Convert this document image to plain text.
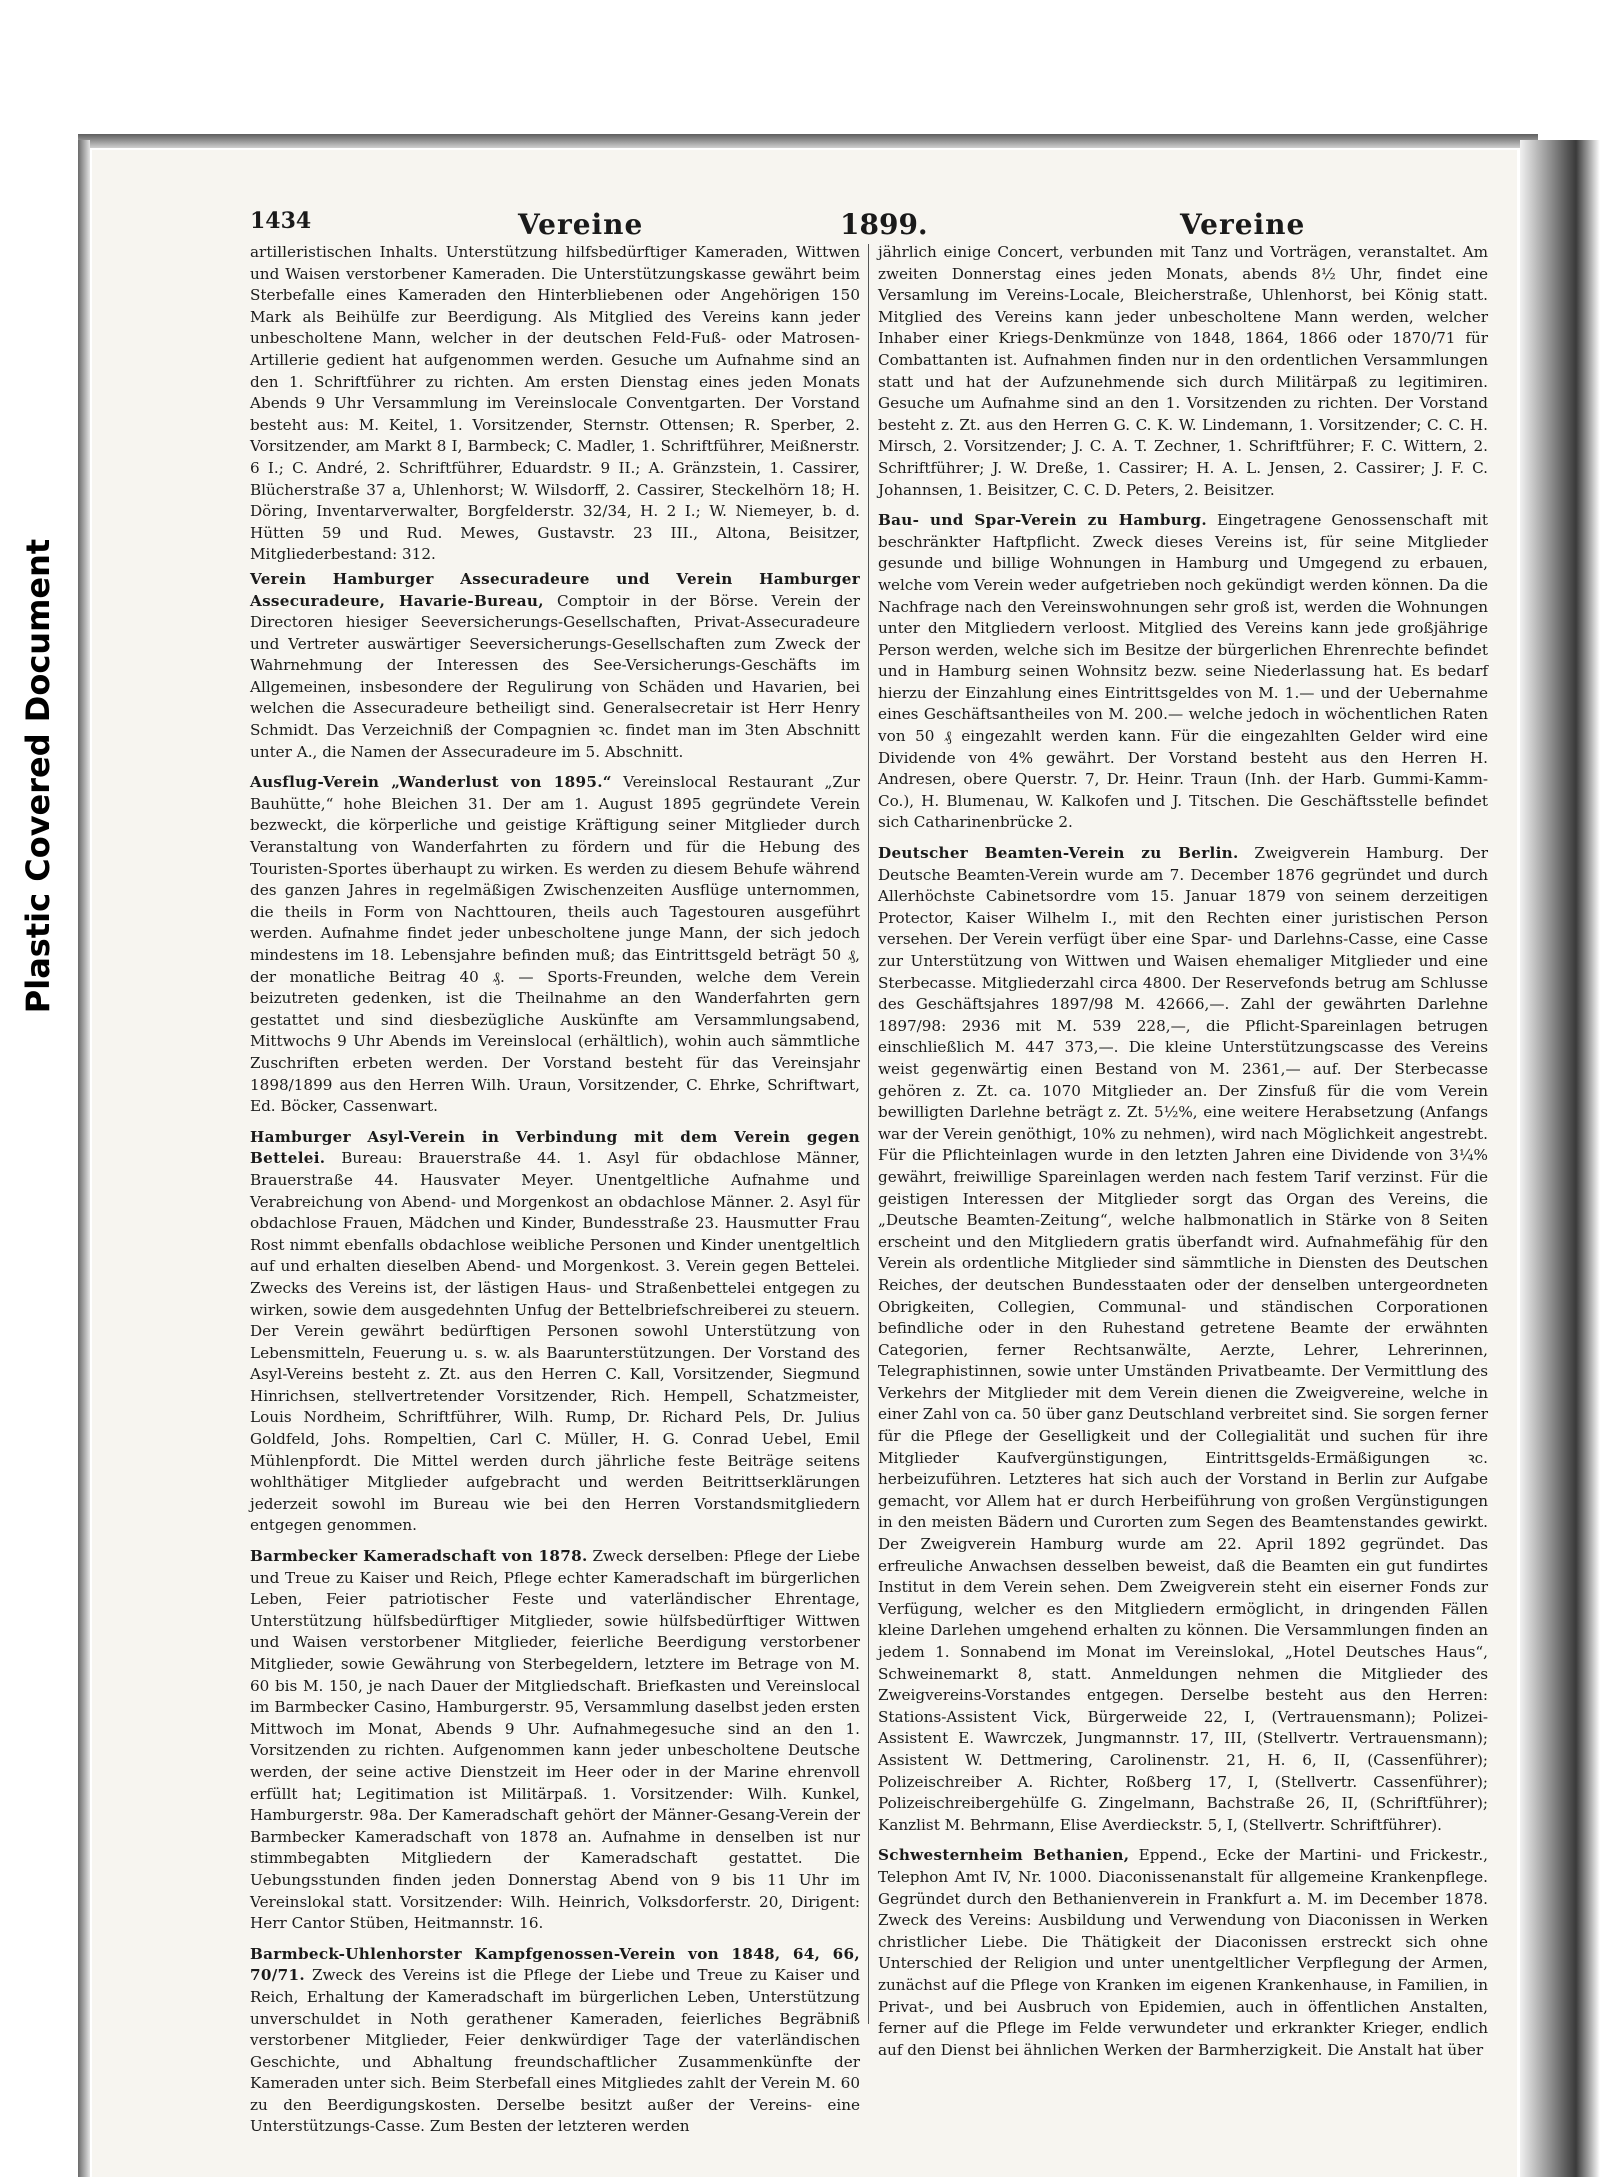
Plastic Covered Document
1434	Vereine	1899.	Vereine

artilleristischen Inhalts. Unterstützung hilfsbedürftiger Kameraden, Wittwen und Waisen verstorbener Kameraden. Die Unterstützungskasse gewährt beim Sterbefalle eines Kameraden den Hinterbliebenen oder Angehörigen 150 Mark als Beihülfe zur Beerdigung. Als Mitglied des Vereins kann jeder unbescholtene Mann, welcher in der deutschen Feld-Fuß- oder Matrosen-Artillerie gedient hat aufgenommen werden. Gesuche um Aufnahme sind an den 1. Schriftführer zu richten. Am ersten Dienstag eines jeden Monats Abends 9 Uhr Versammlung im Vereinslocale Conventgarten. Der Vorstand besteht aus: M. Keitel, 1. Vorsitzender, Sternstr. Ottensen; R. Sperber, 2. Vorsitzender, am Markt 8 I, Barmbeck; C. Madler, 1. Schriftführer, Meißnerstr. 6 I.; C. André, 2. Schriftführer, Eduardstr. 9 II.; A. Gränzstein, 1. Cassirer, Blücherstraße 37 a, Uhlenhorst; W. Wilsdorff, 2. Cassirer, Steckelhörn 18; H. Döring, Inventarverwalter, Borgfelderstr. 32/34, H. 2 I.; W. Niemeyer, b. d. Hütten 59 und Rud. Mewes, Gustavstr. 23 III., Altona, Beisitzer, Mitgliederbestand: 312.

Verein Hamburger Assecuradeure und Verein Hamburger Assecuradeure, Havarie-Bureau, Comptoir in der Börse. Verein der Directoren hiesiger Seeversicherungs-Gesellschaften, Privat-Assecuradeure und Vertreter auswärtiger Seeversicherungs-Gesellschaften zum Zweck der Wahrnehmung der Interessen des See-Versicherungs-Geschäfts im Allgemeinen, insbesondere der Regulirung von Schäden und Havarien, bei welchen die Assecuradeure betheiligt sind. Generalsecretair ist Herr Henry Schmidt. Das Verzeichniß der Compagnien ꝛc. findet man im 3ten Abschnitt unter A., die Namen der Assecuradeure im 5. Abschnitt.

Ausflug-Verein „Wanderlust von 1895.“ Vereinslocal Restaurant „Zur Bauhütte,“ hohe Bleichen 31. Der am 1. August 1895 gegründete Verein bezweckt, die körperliche und geistige Kräftigung seiner Mitglieder durch Veranstaltung von Wanderfahrten zu fördern und für die Hebung des Touristen-Sportes überhaupt zu wirken. Es werden zu diesem Behufe während des ganzen Jahres in regelmäßigen Zwischenzeiten Ausflüge unternommen, die theils in Form von Nachttouren, theils auch Tagestouren ausgeführt werden. Aufnahme findet jeder unbescholtene junge Mann, der sich jedoch mindestens im 18. Lebensjahre befinden muß; das Eintrittsgeld beträgt 50 ₰, der monatliche Beitrag 40 ₰. — Sports-Freunden, welche dem Verein beizutreten gedenken, ist die Theilnahme an den Wanderfahrten gern gestattet und sind diesbezügliche Auskünfte am Versammlungsabend, Mittwochs 9 Uhr Abends im Vereinslocal (erhältlich), wohin auch sämmtliche Zuschriften erbeten werden. Der Vorstand besteht für das Vereinsjahr 1898/1899 aus den Herren Wilh. Uraun, Vorsitzender, C. Ehrke, Schriftwart, Ed. Böcker, Cassenwart.

Hamburger Asyl-Verein in Verbindung mit dem Verein gegen Bettelei. Bureau: Brauerstraße 44. 1. Asyl für obdachlose Männer, Brauerstraße 44. Hausvater Meyer. Unentgeltliche Aufnahme und Verabreichung von Abend- und Morgenkost an obdachlose Männer. 2. Asyl für obdachlose Frauen, Mädchen und Kinder, Bundesstraße 23. Hausmutter Frau Rost nimmt ebenfalls obdachlose weibliche Personen und Kinder unentgeltlich auf und erhalten dieselben Abend- und Morgenkost. 3. Verein gegen Bettelei. Zwecks des Vereins ist, der lästigen Haus- und Straßenbettelei entgegen zu wirken, sowie dem ausgedehnten Unfug der Bettelbriefschreiberei zu steuern. Der Verein gewährt bedürftigen Personen sowohl Unterstützung von Lebensmitteln, Feuerung u. s. w. als Baarunterstützungen. Der Vorstand des Asyl-Vereins besteht z. Zt. aus den Herren C. Kall, Vorsitzender, Siegmund Hinrichsen, stellvertretender Vorsitzender, Rich. Hempell, Schatzmeister, Louis Nordheim, Schriftführer, Wilh. Rump, Dr. Richard Pels, Dr. Julius Goldfeld, Johs. Rompeltien, Carl C. Müller, H. G. Conrad Uebel, Emil Mühlenpfordt. Die Mittel werden durch jährliche feste Beiträge seitens wohlthätiger Mitglieder aufgebracht und werden Beitrittserklärungen jederzeit sowohl im Bureau wie bei den Herren Vorstandsmitgliedern entgegen genommen.

Barmbecker Kameradschaft von 1878. Zweck derselben: Pflege der Liebe und Treue zu Kaiser und Reich, Pflege echter Kameradschaft im bürgerlichen Leben, Feier patriotischer Feste und vaterländischer Ehrentage, Unterstützung hülfsbedürftiger Mitglieder, sowie hülfsbedürftiger Wittwen und Waisen verstorbener Mitglieder, feierliche Beerdigung verstorbener Mitglieder, sowie Gewährung von Sterbegeldern, letztere im Betrage von M. 60 bis M. 150, je nach Dauer der Mitgliedschaft. Briefkasten und Vereinslocal im Barmbecker Casino, Hamburgerstr. 95, Versammlung daselbst jeden ersten Mittwoch im Monat, Abends 9 Uhr. Aufnahmegesuche sind an den 1. Vorsitzenden zu richten. Aufgenommen kann jeder unbescholtene Deutsche werden, der seine active Dienstzeit im Heer oder in der Marine ehrenvoll erfüllt hat; Legitimation ist Militärpaß. 1. Vorsitzender: Wilh. Kunkel, Hamburgerstr. 98a. Der Kameradschaft gehört der Männer-Gesang-Verein der Barmbecker Kameradschaft von 1878 an. Aufnahme in denselben ist nur stimmbegabten Mitgliedern der Kameradschaft gestattet. Die Uebungsstunden finden jeden Donnerstag Abend von 9 bis 11 Uhr im Vereinslokal statt. Vorsitzender: Wilh. Heinrich, Volksdorferstr. 20, Dirigent: Herr Cantor Stüben, Heitmannstr. 16.

Barmbeck-Uhlenhorster Kampfgenossen-Verein von 1848, 64, 66, 70/71. Zweck des Vereins ist die Pflege der Liebe und Treue zu Kaiser und Reich, Erhaltung der Kameradschaft im bürgerlichen Leben, Unterstützung unverschuldet in Noth gerathener Kameraden, feierliches Begräbniß verstorbener Mitglieder, Feier denkwürdiger Tage der vaterländischen Geschichte, und Abhaltung freundschaftlicher Zusammenkünfte der Kameraden unter sich. Beim Sterbefall eines Mitgliedes zahlt der Verein M. 60 zu den Beerdigungskosten. Derselbe besitzt außer der Vereins- eine Unterstützungs-Casse. Zum Besten der letzteren werden

jährlich einige Concert, verbunden mit Tanz und Vorträgen, veranstaltet. Am zweiten Donnerstag eines jeden Monats, abends 8½ Uhr, findet eine Versamlung im Vereins-Locale, Bleicherstraße, Uhlenhorst, bei König statt. Mitglied des Vereins kann jeder unbescholtene Mann werden, welcher Inhaber einer Kriegs-Denkmünze von 1848, 1864, 1866 oder 1870/71 für Combattanten ist. Aufnahmen finden nur in den ordentlichen Versammlungen statt und hat der Aufzunehmende sich durch Militärpaß zu legitimiren. Gesuche um Aufnahme sind an den 1. Vorsitzenden zu richten. Der Vorstand besteht z. Zt. aus den Herren G. C. K. W. Lindemann, 1. Vorsitzender; C. C. H. Mirsch, 2. Vorsitzender; J. C. A. T. Zechner, 1. Schriftführer; F. C. Wittern, 2. Schriftführer; J. W. Dreße, 1. Cassirer; H. A. L. Jensen, 2. Cassirer; J. F. C. Johannsen, 1. Beisitzer, C. C. D. Peters, 2. Beisitzer.

Bau- und Spar-Verein zu Hamburg. Eingetragene Genossenschaft mit beschränkter Haftpflicht. Zweck dieses Vereins ist, für seine Mitglieder gesunde und billige Wohnungen in Hamburg und Umgegend zu erbauen, welche vom Verein weder aufgetrieben noch gekündigt werden können. Da die Nachfrage nach den Vereinswohnungen sehr groß ist, werden die Wohnungen unter den Mitgliedern verloost. Mitglied des Vereins kann jede großjährige Person werden, welche sich im Besitze der bürgerlichen Ehrenrechte befindet und in Hamburg seinen Wohnsitz bezw. seine Niederlassung hat. Es bedarf hierzu der Einzahlung eines Eintrittsgeldes von M. 1.— und der Uebernahme eines Geschäftsantheiles von M. 200.— welche jedoch in wöchentlichen Raten von 50 ₰ eingezahlt werden kann. Für die eingezahlten Gelder wird eine Dividende von 4% gewährt. Der Vorstand besteht aus den Herren H. Andresen, obere Querstr. 7, Dr. Heinr. Traun (Inh. der Harb. Gummi-Kamm-Co.), H. Blumenau, W. Kalkofen und J. Titschen. Die Geschäftsstelle befindet sich Catharinenbrücke 2.

Deutscher Beamten-Verein zu Berlin. Zweigverein Hamburg. Der Deutsche Beamten-Verein wurde am 7. December 1876 gegründet und durch Allerhöchste Cabinetsordre vom 15. Januar 1879 von seinem derzeitigen Protector, Kaiser Wilhelm I., mit den Rechten einer juristischen Person versehen. Der Verein verfügt über eine Spar- und Darlehns-Casse, eine Casse zur Unterstützung von Wittwen und Waisen ehemaliger Mitglieder und eine Sterbecasse. Mitgliederzahl circa 4800. Der Reservefonds betrug am Schlusse des Geschäftsjahres 1897/98 M. 42666,—. Zahl der gewährten Darlehne 1897/98: 2936 mit M. 539 228,—, die Pflicht-Spareinlagen betrugen einschließlich M. 447 373,—. Die kleine Unterstützungscasse des Vereins weist gegenwärtig einen Bestand von M. 2361,— auf. Der Sterbecasse gehören z. Zt. ca. 1070 Mitglieder an. Der Zinsfuß für die vom Verein bewilligten Darlehne beträgt z. Zt. 5½%, eine weitere Herabsetzung (Anfangs war der Verein genöthigt, 10% zu nehmen), wird nach Möglichkeit angestrebt. Für die Pflichteinlagen wurde in den letzten Jahren eine Dividende von 3¼% gewährt, freiwillige Spareinlagen werden nach festem Tarif verzinst. Für die geistigen Interessen der Mitglieder sorgt das Organ des Vereins, die „Deutsche Beamten-Zeitung“, welche halbmonatlich in Stärke von 8 Seiten erscheint und den Mitgliedern gratis überfandt wird. Aufnahmefähig für den Verein als ordentliche Mitglieder sind sämmtliche in Diensten des Deutschen Reiches, der deutschen Bundesstaaten oder der denselben untergeordneten Obrigkeiten, Collegien, Communal- und ständischen Corporationen befindliche oder in den Ruhestand getretene Beamte der erwähnten Categorien, ferner Rechtsanwälte, Aerzte, Lehrer, Lehrerinnen, Telegraphistinnen, sowie unter Umständen Privatbeamte. Der Vermittlung des Verkehrs der Mitglieder mit dem Verein dienen die Zweigvereine, welche in einer Zahl von ca. 50 über ganz Deutschland verbreitet sind. Sie sorgen ferner für die Pflege der Geselligkeit und der Collegialität und suchen für ihre Mitglieder Kaufvergünstigungen, Eintrittsgelds-Ermäßigungen ꝛc. herbeizuführen. Letzteres hat sich auch der Vorstand in Berlin zur Aufgabe gemacht, vor Allem hat er durch Herbeiführung von großen Vergünstigungen in den meisten Bädern und Curorten zum Segen des Beamtenstandes gewirkt. Der Zweigverein Hamburg wurde am 22. April 1892 gegründet. Das erfreuliche Anwachsen desselben beweist, daß die Beamten ein gut fundirtes Institut in dem Verein sehen. Dem Zweigverein steht ein eiserner Fonds zur Verfügung, welcher es den Mitgliedern ermöglicht, in dringenden Fällen kleine Darlehen umgehend erhalten zu können. Die Versammlungen finden an jedem 1. Sonnabend im Monat im Vereinslokal, „Hotel Deutsches Haus“, Schweinemarkt 8, statt. Anmeldungen nehmen die Mitglieder des Zweigvereins-Vorstandes entgegen. Derselbe besteht aus den Herren: Stations-Assistent Vick, Bürgerweide 22, I, (Vertrauensmann); Polizei-Assistent E. Wawrczek, Jungmannstr. 17, III, (Stellvertr. Vertrauensmann); Assistent W. Dettmering, Carolinenstr. 21, H. 6, II, (Cassenführer); Polizeischreiber A. Richter, Roßberg 17, I, (Stellvertr. Cassenführer); Polizeischreibergehülfe G. Zingelmann, Bachstraße 26, II, (Schriftführer); Kanzlist M. Behrmann, Elise Averdieckstr. 5, I, (Stellvertr. Schriftführer).

Schwesternheim Bethanien, Eppend., Ecke der Martini- und Frickestr., Telephon Amt IV, Nr. 1000. Diaconissenanstalt für allgemeine Krankenpflege. Gegründet durch den Bethanienverein in Frankfurt a. M. im December 1878. Zweck des Vereins: Ausbildung und Verwendung von Diaconissen in Werken christlicher Liebe. Die Thätigkeit der Diaconissen erstreckt sich ohne Unterschied der Religion und unter unentgeltlicher Verpflegung der Armen, zunächst auf die Pflege von Kranken im eigenen Krankenhause, in Familien, in Privat-, und bei Ausbruch von Epidemien, auch in öffentlichen Anstalten, ferner auf die Pflege im Felde verwundeter und erkrankter Krieger, endlich auf den Dienst bei ähnlichen Werken der Barmherzigkeit. Die Anstalt hat über
